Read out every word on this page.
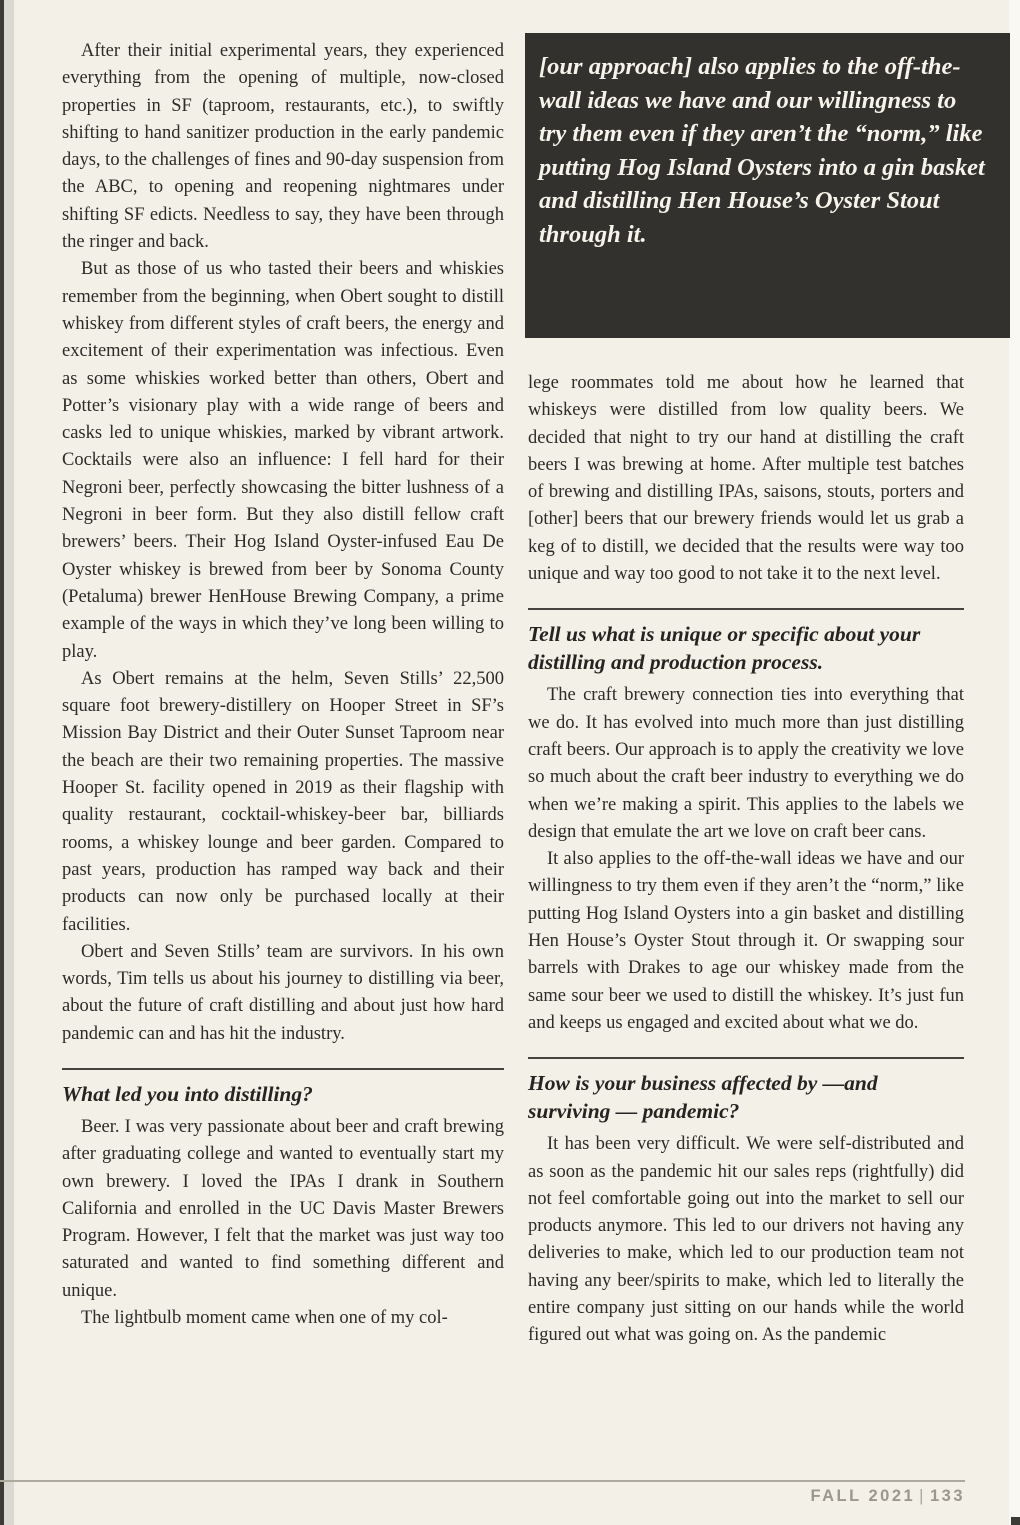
[our approach] also applies to the off-the-wall ideas we have and our willingness to try them even if they aren’t the “norm,” like putting Hog Island Oysters into a gin basket and distilling Hen House’s Oyster Stout through it.

After their initial experimental years, they experienced everything from the opening of multiple, now-closed properties in SF (taproom, restaurants, etc.), to swiftly shifting to hand sanitizer production in the early pandemic days, to the challenges of fines and 90-day suspension from the ABC, to opening and reopening nightmares under shifting SF edicts. Needless to say, they have been through the ringer and back.

But as those of us who tasted their beers and whiskies remember from the beginning, when Obert sought to distill whiskey from different styles of craft beers, the energy and excitement of their experimentation was infectious. Even as some whiskies worked better than others, Obert and Potter’s visionary play with a wide range of beers and casks led to unique whiskies, marked by vibrant artwork. Cocktails were also an influence: I fell hard for their Negroni beer, perfectly showcasing the bitter lushness of a Negroni in beer form. But they also distill fellow craft brewers’ beers. Their Hog Island Oyster-infused Eau De Oyster whiskey is brewed from beer by Sonoma County (Petaluma) brewer HenHouse Brewing Company, a prime example of the ways in which they’ve long been willing to play.

As Obert remains at the helm, Seven Stills’ 22,500 square foot brewery-distillery on Hooper Street in SF’s Mission Bay District and their Outer Sunset Taproom near the beach are their two remaining properties. The massive Hooper St. facility opened in 2019 as their flagship with quality restaurant, cocktail-whiskey-beer bar, billiards rooms, a whiskey lounge and beer garden. Compared to past years, production has ramped way back and their products can now only be purchased locally at their facilities.

Obert and Seven Stills’ team are survivors. In his own words, Tim tells us about his journey to distilling via beer, about the future of craft distilling and about just how hard pandemic can and has hit the industry.

What led you into distilling?

Beer. I was very passionate about beer and craft brewing after graduating college and wanted to eventually start my own brewery. I loved the IPAs I drank in Southern California and enrolled in the UC Davis Master Brewers Program. However, I felt that the market was just way too saturated and wanted to find something different and unique.

The lightbulb moment came when one of my col-

lege roommates told me about how he learned that whiskeys were distilled from low quality beers. We decided that night to try our hand at distilling the craft beers I was brewing at home. After multiple test batches of brewing and distilling IPAs, saisons, stouts, porters and [other] beers that our brewery friends would let us grab a keg of to distill, we decided that the results were way too unique and way too good to not take it to the next level.

Tell us what is unique or specific about your distilling and production process.

The craft brewery connection ties into everything that we do. It has evolved into much more than just distilling craft beers. Our approach is to apply the creativity we love so much about the craft beer industry to everything we do when we’re making a spirit. This applies to the labels we design that emulate the art we love on craft beer cans.

It also applies to the off-the-wall ideas we have and our willingness to try them even if they aren’t the “norm,” like putting Hog Island Oysters into a gin basket and distilling Hen House’s Oyster Stout through it. Or swapping sour barrels with Drakes to age our whiskey made from the same sour beer we used to distill the whiskey. It’s just fun and keeps us engaged and excited about what we do.

How is your business affected by —and surviving — pandemic?

It has been very difficult. We were self-distributed and as soon as the pandemic hit our sales reps (rightfully) did not feel comfortable going out into the market to sell our products anymore. This led to our drivers not having any deliveries to make, which led to our production team not having any beer/spirits to make, which led to literally the entire company just sitting on our hands while the world figured out what was going on. As the pandemic

FALL 2021 | 133
